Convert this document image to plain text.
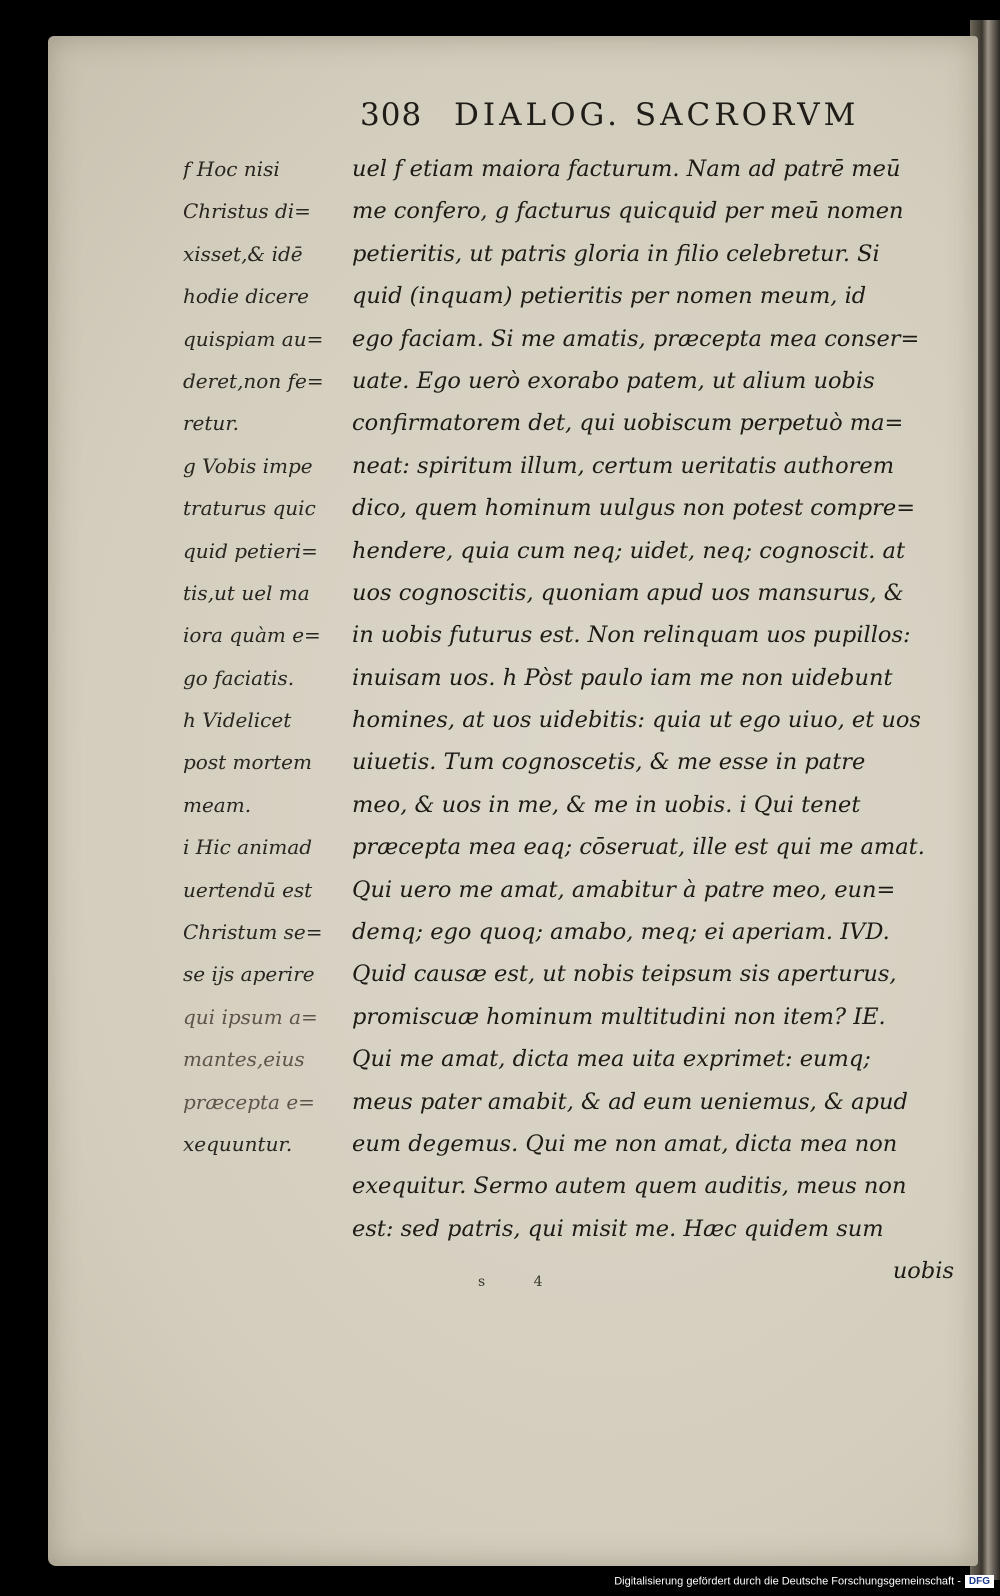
308 DIALOG. SACRORVM
f Hoc nisi
Christus di=
xisset,& idē
hodie dicere
quispiam au=
deret,non fe=
retur.
g Vobis impe
traturus quic
quid petieri=
tis,ut uel ma
iora quàm e=
go faciatis.
h Videlicet
post mortem
meam.
i Hic animad
uertendū est
Christum se=
se ijs aperire
qui ipsum a=
mantes,eius
præcepta e=
xequuntur.
uel f etiam maiora facturum. Nam ad patrē meū
me confero, g facturus quicquid per meū nomen
petieritis, ut patris gloria in filio celebretur. Si
quid (inquam) petieritis per nomen meum, id
ego faciam. Si me amatis, præcepta mea conser=
uate. Ego uerò exorabo patem, ut alium uobis
confirmatorem det, qui uobiscum perpetuò ma=
neat: spiritum illum, certum ueritatis authorem
dico, quem hominum uulgus non potest compre=
hendere, quia cum neq; uidet, neq; cognoscit. at
uos cognoscitis, quoniam apud uos mansurus, &
in uobis futurus est. Non relinquam uos pupillos:
inuisam uos. h Pòst paulo iam me non uidebunt
homines, at uos uidebitis: quia ut ego uiuo, et uos
uiuetis. Tum cognoscetis, & me esse in patre
meo, & uos in me, & me in uobis. i Qui tenet
præcepta mea eaq; cōseruat, ille est qui me amat.
Qui uero me amat, amabitur à patre meo, eun=
demq; ego quoq; amabo, meq; ei aperiam. IVD.
Quid causæ est, ut nobis teipsum sis aperturus,
promiscuæ hominum multitudini non item? IE.
Qui me amat, dicta mea uita exprimet: eumq;
meus pater amabit, & ad eum ueniemus, & apud
eum degemus. Qui me non amat, dicta mea non
exequitur. Sermo autem quem auditis, meus non
est: sed patris, qui misit me. Hæc quidem sum
uobis
s 4
Digitalisierung gefördert durch die Deutsche Forschungsgemeinschaft - DFG
